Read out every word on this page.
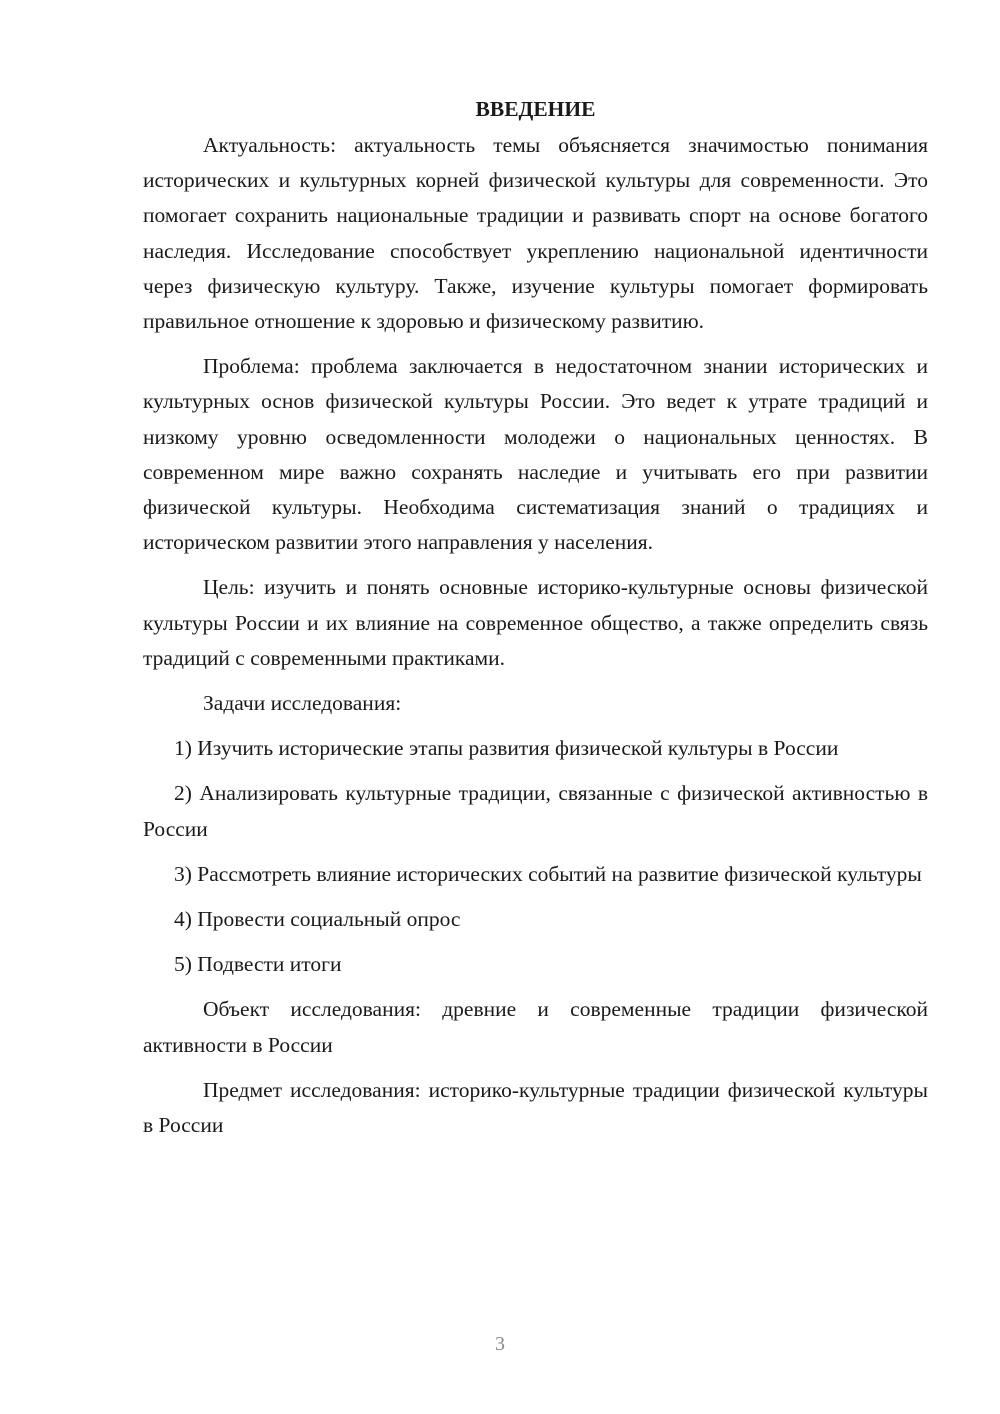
ВВЕДЕНИЕ

Актуальность: актуальность темы объясняется значимостью понимания исторических и культурных корней физической культуры для современности. Это помогает сохранить национальные традиции и развивать спорт на основе богатого наследия. Исследование способствует укреплению национальной идентичности через физическую культуру. Также, изучение культуры помогает формировать правильное отношение к здоровью и физическому развитию.

Проблема: проблема заключается в недостаточном знании исторических и культурных основ физической культуры России. Это ведет к утрате традиций и низкому уровню осведомленности молодежи о национальных ценностях. В современном мире важно сохранять наследие и учитывать его при развитии физической культуры. Необходима систематизация знаний о традициях и историческом развитии этого направления у населения.

Цель: изучить и понять основные историко-культурные основы физической культуры России и их влияние на современное общество, а также определить связь традиций с современными практиками.

Задачи исследования:

1) Изучить исторические этапы развития физической культуры в России

2) Анализировать культурные традиции, связанные с физической активностью в России

3) Рассмотреть влияние исторических событий на развитие физической культуры

4) Провести социальный опрос

5) Подвести итоги

Объект исследования: древние и современные традиции физической активности в России

Предмет исследования: историко-культурные традиции физической культуры в России

3
